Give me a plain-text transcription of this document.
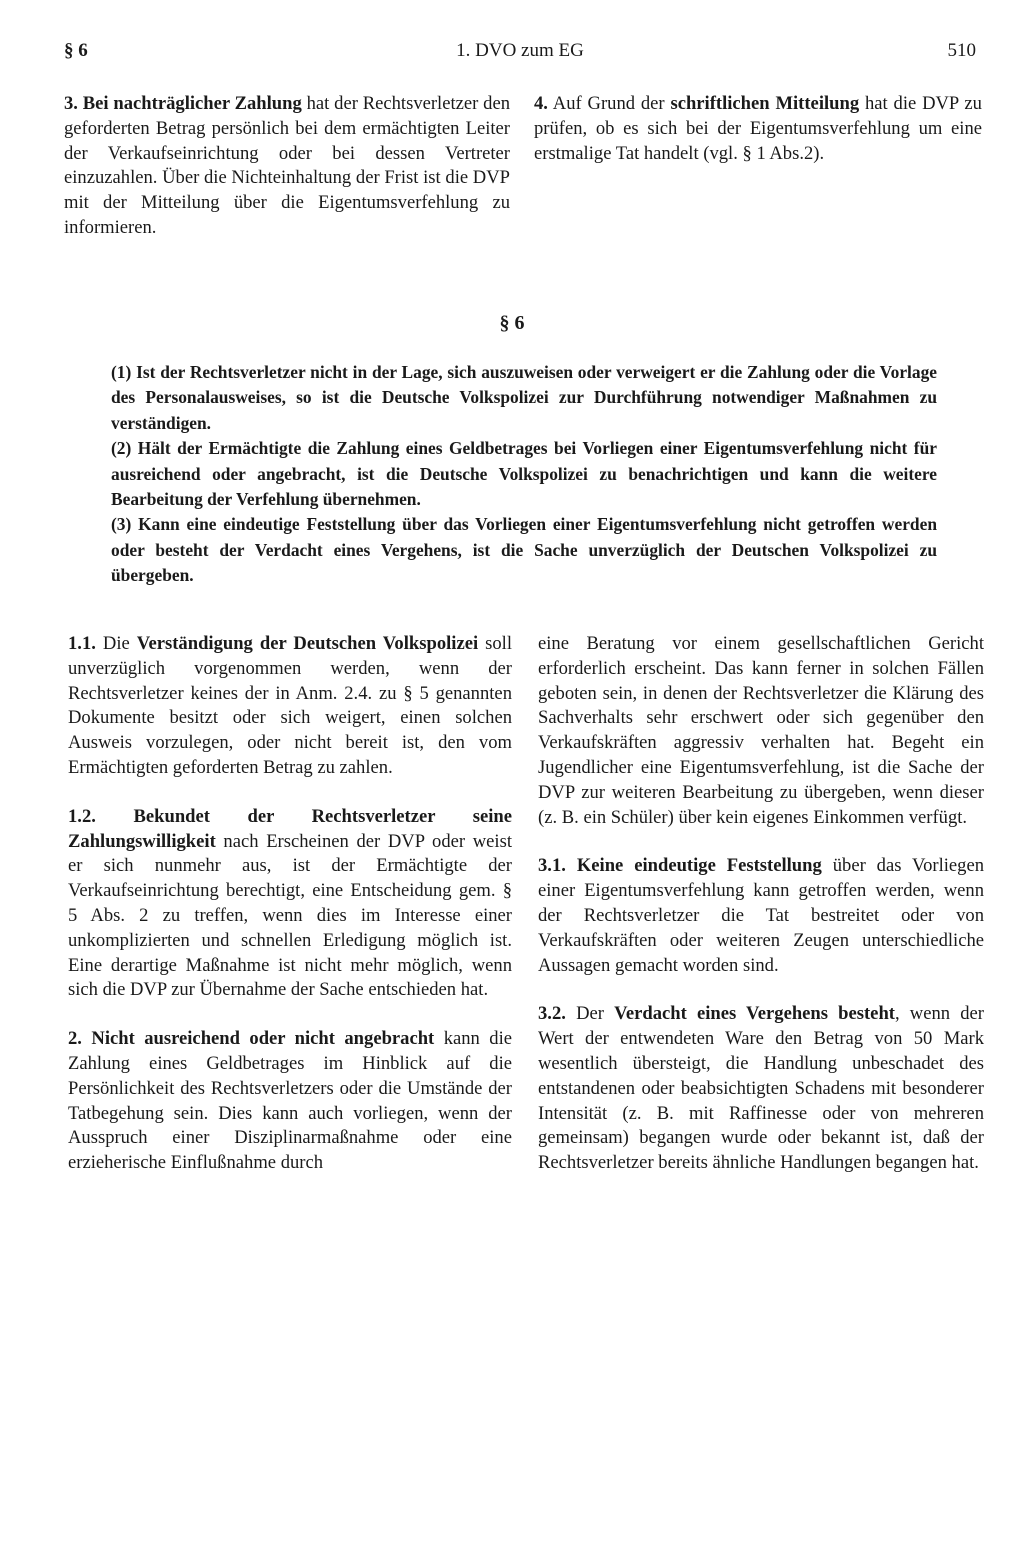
§ 6	1. DVO zum EG	510

3. Bei nachträglicher Zahlung hat der Rechtsverletzer den geforderten Betrag persönlich bei dem ermächtigten Leiter der Verkaufseinrichtung oder bei dessen Vertreter einzuzahlen. Über die Nichteinhaltung der Frist ist die DVP mit der Mitteilung über die Eigentumsverfehlung zu informieren.

4. Auf Grund der schriftlichen Mitteilung hat die DVP zu prüfen, ob es sich bei der Eigentumsverfehlung um eine erstmalige Tat handelt (vgl. § 1 Abs.2).

§ 6

(1) Ist der Rechtsverletzer nicht in der Lage, sich auszuweisen oder verweigert er die Zahlung oder die Vorlage des Personalausweises, so ist die Deutsche Volkspolizei zur Durchführung notwendiger Maßnahmen zu verständigen.

(2) Hält der Ermächtigte die Zahlung eines Geldbetrages bei Vorliegen einer Eigentumsverfehlung nicht für ausreichend oder angebracht, ist die Deutsche Volkspolizei zu benachrichtigen und kann die weitere Bearbeitung der Verfehlung übernehmen.

(3) Kann eine eindeutige Feststellung über das Vorliegen einer Eigentumsverfehlung nicht getroffen werden oder besteht der Verdacht eines Vergehens, ist die Sache unverzüglich der Deutschen Volkspolizei zu übergeben.

1.1. Die Verständigung der Deutschen Volkspolizei soll unverzüglich vorgenommen werden, wenn der Rechtsverletzer keines der in Anm. 2.4. zu § 5 genannten Dokumente besitzt oder sich weigert, einen solchen Ausweis vorzulegen, oder nicht bereit ist, den vom Ermächtigten geforderten Betrag zu zahlen.

1.2. Bekundet der Rechtsverletzer seine Zahlungswilligkeit nach Erscheinen der DVP oder weist er sich nunmehr aus, ist der Ermächtigte der Verkaufseinrichtung berechtigt, eine Entscheidung gem. § 5 Abs. 2 zu treffen, wenn dies im Interesse einer unkomplizierten und schnellen Erledigung möglich ist. Eine derartige Maßnahme ist nicht mehr möglich, wenn sich die DVP zur Übernahme der Sache entschieden hat.

2. Nicht ausreichend oder nicht angebracht kann die Zahlung eines Geldbetrages im Hinblick auf die Persönlichkeit des Rechtsverletzers oder die Umstände der Tatbegehung sein. Dies kann auch vorliegen, wenn der Ausspruch einer Disziplinarmaßnahme oder eine erzieherische Einflußnahme durch

eine Beratung vor einem gesellschaftlichen Gericht erforderlich erscheint. Das kann ferner in solchen Fällen geboten sein, in denen der Rechtsverletzer die Klärung des Sachverhalts sehr erschwert oder sich gegenüber den Verkaufskräften aggressiv verhalten hat. Begeht ein Jugendlicher eine Eigentumsverfehlung, ist die Sache der DVP zur weiteren Bearbeitung zu übergeben, wenn dieser (z. B. ein Schüler) über kein eigenes Einkommen verfügt.

3.1. Keine eindeutige Feststellung über das Vorliegen einer Eigentumsverfehlung kann getroffen werden, wenn der Rechtsverletzer die Tat bestreitet oder von Verkaufskräften oder weiteren Zeugen unterschiedliche Aussagen gemacht worden sind.

3.2. Der Verdacht eines Vergehens besteht, wenn der Wert der entwendeten Ware den Betrag von 50 Mark wesentlich übersteigt, die Handlung unbeschadet des entstandenen oder beabsichtigten Schadens mit besonderer Intensität (z. B. mit Raffinesse oder von mehreren gemeinsam) begangen wurde oder bekannt ist, daß der Rechtsverletzer bereits ähnliche Handlungen begangen hat.
